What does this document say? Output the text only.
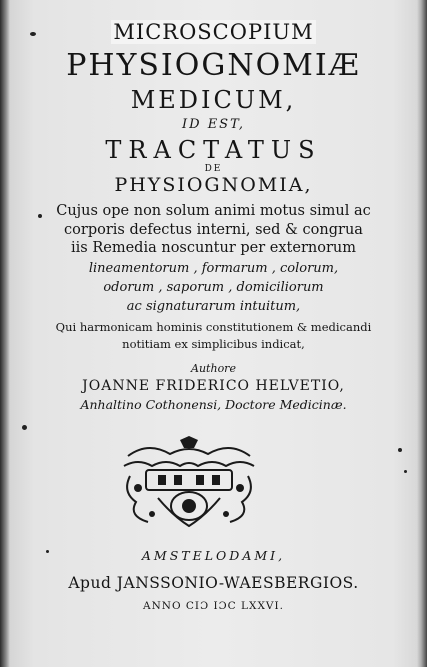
MICROSCOPIUM
PHYSIOGNOMIÆ
MEDICUM,
ID EST,
TRACTATUS
DE
PHYSIOGNOMIA,
Cujus ope non solum animi motus simul ac
corporis defectus interni, sed & congrua
iis Remedia noscuntur per externorum
lineamentorum , formarum , colorum,
odorum , saporum , domiciliorum
ac signaturarum intuitum,
Qui harmonicam hominis constitutionem & medicandi
notitiam ex simplicibus indicat,
Authore
JOANNE FRIDERICO HELVETIO,
Anhaltino Cothonensi, Doctore Medicinæ.
AMSTELODAMI,
Apud JANSSONIO-WAESBERGIOS.
ANNO CIƆ IƆC LXXVI.
